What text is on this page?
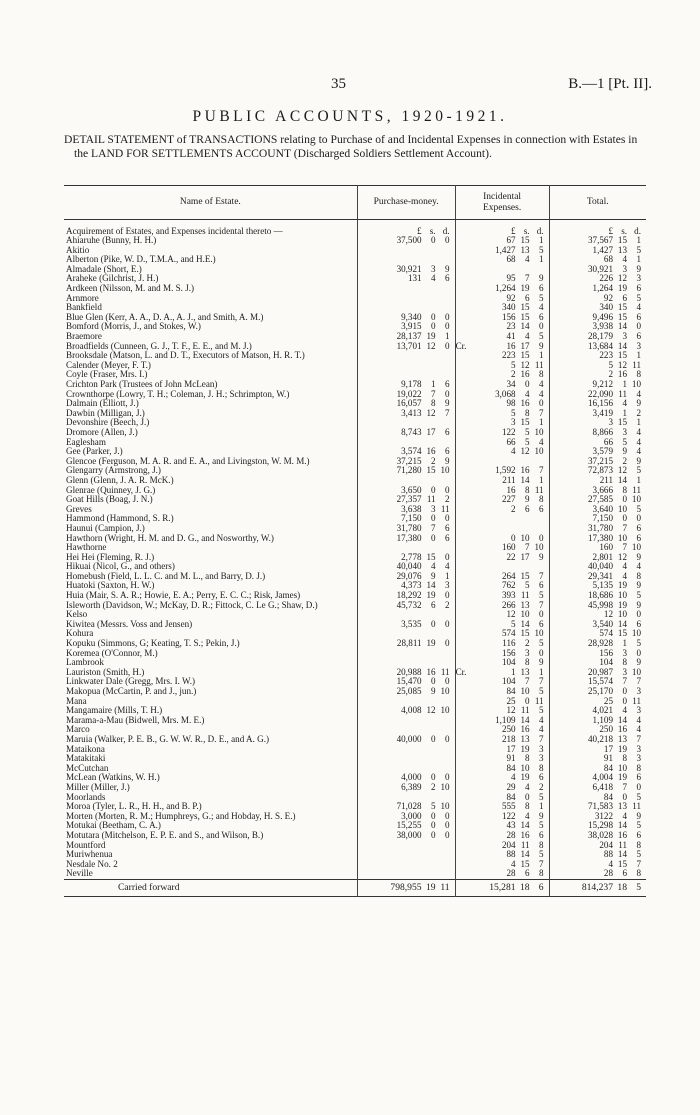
35	B.—1 [Pt. II].
PUBLIC ACCOUNTS, 1920-1921.
DETAIL STATEMENT of TRANSACTIONS relating to Purchase of and Incidental Expenses in connection with Estates in the LAND FOR SETTLEMENTS ACCOUNT (Discharged Soldiers Settlement Account).
Name of Estate.	Purchase-money.	Incidental Expenses.	Total.

Acquirement of Estates, and Expenses incidental thereto —	£ s. d.	£ s. d.	£ s. d.

Ahiaruhe (Bunny, H. H.)	37,500 0 0	67 15 1	37,567 15 1

Akitio		1,427 13 5	1,427 13 5

Alberton (Pike, W. D., T.M.A., and H.E.)		68 4 1	68 4 1

Almadale (Short, E.)	30,921 3 9		30,921 3 9

Araheke (Gilchrist, J. H.)	131 4 6	95 7 9	226 12 3

Ardkeen (Nilsson, M. and M. S. J.)		1,264 19 6	1,264 19 6

Arnmore		92 6 5	92 6 5

Bankfield		340 15 4	340 15 4

Blue Glen (Kerr, A. A., D. A., A. J., and Smith, A. M.)	9,340 0 0	156 15 6	9,496 15 6

Bomford (Morris, J., and Stokes, W.)	3,915 0 0	23 14 0	3,938 14 0

Braemore	28,137 19 1	41 4 5	28,179 3 6

Broadfields (Cunneen, G. J., T. F., E. E., and M. J.)	13,701 12 0	Cr. 16 17 9	13,684 14 3

Brooksdale (Matson, L. and D. T., Executors of Matson, H. R. T.)		223 15 1	223 15 1

Calender (Meyer, F. T.)		5 12 11	5 12 11

Coyle (Fraser, Mrs. I.)		2 16 8	2 16 8

Crichton Park (Trustees of John McLean)	9,178 1 6	34 0 4	9,212 1 10

Crownthorpe (Lowry, T. H.; Coleman, J. H.; Schrimpton, W.)	19,022 7 0	3,068 4 4	22,090 11 4

Dalmain (Elliott, J.)	16,057 8 9	98 16 0	16,156 4 9

Dawbin (Milligan, J.)	3,413 12 7	5 8 7	3,419 1 2

Devonshire (Beech, J.)		3 15 1	3 15 1

Dromore (Allen, J.)	8,743 17 6	122 5 10	8,866 3 4

Eaglesham		66 5 4	66 5 4

Gee (Parker, J.)	3,574 16 6	4 12 10	3,579 9 4

Glencoe (Ferguson, M. A. R. and E. A., and Livingston, W. M. M.)	37,215 2 9		37,215 2 9

Glengarry (Armstrong, J.)	71,280 15 10	1,592 16 7	72,873 12 5

Glenn (Glenn, J. A. R. McK.)		211 14 1	211 14 1

Glenrae (Quinney, J. G.)	3,650 0 0	16 8 11	3,666 8 11

Goat Hills (Boag, J. N.)	27,357 11 2	227 9 8	27,585 0 10

Greves	3,638 3 11	2 6 6	3,640 10 5

Hammond (Hammond, S. R.)	7,150 0 0		7,150 0 0

Haunui (Campion, J.)	31,780 7 6		31,780 7 6

Hawthorn (Wright, H. M. and D. G., and Nosworthy, W.)	17,380 0 6	0 10 0	17,380 10 6

Hawthorne		160 7 10	160 7 10

Hei Hei (Fleming, R. J.)	2,778 15 0	22 17 9	2,801 12 9

Hikuai (Nicol, G., and others)	40,040 4 4		40,040 4 4

Homebush (Field, L. L. C. and M. L., and Barry, D. J.)	29,076 9 1	264 15 7	29,341 4 8

Huatoki (Saxton, H. W.)	4,373 14 3	762 5 6	5,135 19 9

Huia (Mair, S. A. R.; Howie, E. A.; Perry, E. C. C.; Risk, James)	18,292 19 0	393 11 5	18,686 10 5

Isleworth (Davidson, W.; McKay, D. R.; Fittock, C. Le G.; Shaw, D.)	45,732 6 2	266 13 7	45,998 19 9

Kelso		12 10 0	12 10 0

Kiwitea (Messrs. Voss and Jensen)	3,535 0 0	5 14 6	3,540 14 6

Kohura		574 15 10	574 15 10

Kopuku (Simmons, G; Keating, T. S.; Pekin, J.)	28,811 19 0	116 2 5	28,928 1 5

Koremea (O'Connor, M.)		156 3 0	156 3 0

Lambrook		104 8 9	104 8 9

Lauriston (Smith, H.)	20,988 16 11	Cr. 1 13 1	20,987 3 10

Linkwater Dale (Gregg, Mrs. I. W.)	15,470 0 0	104 7 7	15,574 7 7

Makopua (McCartin, P. and J., jun.)	25,085 9 10	84 10 5	25,170 0 3

Mana		25 0 11	25 0 11

Mangamaire (Mills, T. H.)	4,008 12 10	12 11 5	4,021 4 3

Marama-a-Mau (Bidwell, Mrs. M. E.)		1,109 14 4	1,109 14 4

Marco		250 16 4	250 16 4

Maruia (Walker, P. E. B., G. W. W. R., D. E., and A. G.)	40,000 0 0	218 13 7	40,218 13 7

Mataikona		17 19 3	17 19 3

Matakitaki		91 8 3	91 8 3

McCutchan		84 10 8	84 10 8

McLean (Watkins, W. H.)	4,000 0 0	4 19 6	4,004 19 6

Miller (Miller, J.)	6,389 2 10	29 4 2	6,418 7 0

Moorlands		84 0 5	84 0 5

Moroa (Tyler, L. R., H. H., and B. P.)	71,028 5 10	555 8 1	71,583 13 11

Morten (Morten, R. M.; Humphreys, G.; and Hobday, H. S. E.)	3,000 0 0	122 4 9	3122 4 9

Motukai (Beetham, C. A.)	15,255 0 0	43 14 5	15,298 14 5

Motutara (Mitchelson, E. P. E. and S., and Wilson, B.)	38,000 0 0	28 16 6	38,028 16 6

Mountford		204 11 8	204 11 8

Muriwhenua		88 14 5	88 14 5

Nesdale No. 2		4 15 7	4 15 7

Neville		28 6 8	28 6 8

Carried forward	798,955 19 11	15,281 18 6	814,237 18 5
